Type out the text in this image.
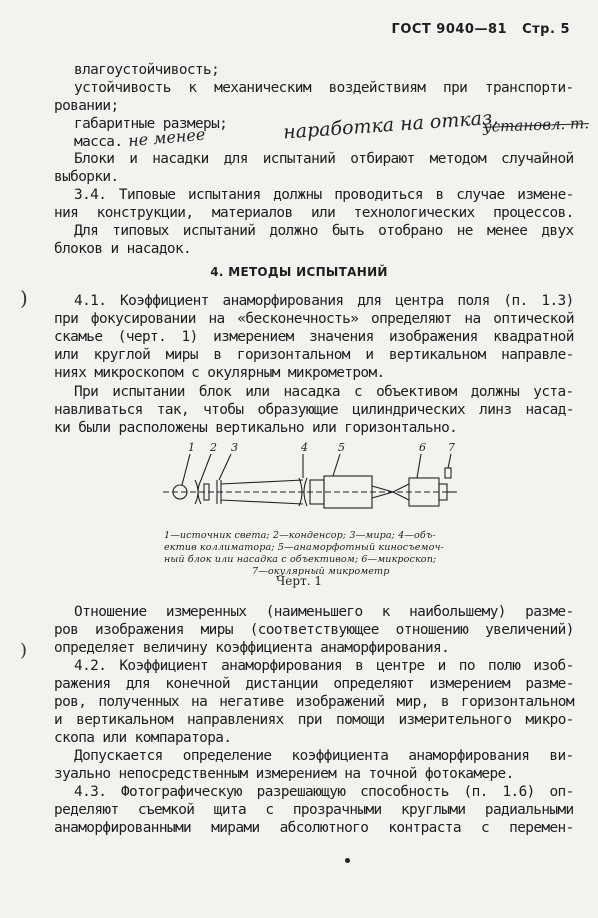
ГОСТ 9040—81 Стр. 5
влагоустойчивость;
устойчивость к механическим воздействиям при транспорти-
ровании;
габаритные размеры;
масса. не менее	наработка на отказ,
установл. т.
Блоки и насадки для испытаний отбирают методом случайной
выборки.
3.4. Типовые испытания должны проводиться в случае измене-
ния конструкции, материалов или технологических процессов.
Для типовых испытаний должно быть отобрано не менее двух
блоков и насадок.
4. МЕТОДЫ ИСПЫТАНИЙ
)	4.1. Коэффициент анаморфирования для центра поля (п. 1.3)
при фокусировании на «бесконечность» определяют на оптической
скамье (черт. 1) измерением значения изображения квадратной
или круглой миры в горизонтальном и вертикальном направле-
ниях микроскопом с окулярным микрометром.
При испытании блок или насадка с объективом должны уста-
навливаться так, чтобы образующие цилиндрических линз насад-
ки были расположены вертикально или горизонтально.
1 2 3	4	5	6 7
1—источник света; 2—конденсор; 3—мира; 4—объ-
ектив коллиматора; 5—анаморфотный киносъемоч-
ный блок или насадка с объективом; 6—микроскоп;
7—окулярный микрометр
Черт. 1
)
Отношение измеренных (наименьшего к наибольшему) разме-
ров изображения миры (соответствующее отношению увеличений)
определяет величину коэффициента анаморфирования.
4.2. Коэффициент анаморфирования в центре и по полю изоб-
ражения для конечной дистанции определяют измерением разме-
ров, полученных на негативе изображений мир, в горизонтальном
и вертикальном направлениях при помощи измерительного микро-
скопа или компаратора.
Допускается определение коэффициента анаморфирования ви-
зуально непосредственным измерением на точной фотокамере.
4.3. Фотографическую разрешающую способность (п. 1.6) оп-
ределяют съемкой щита с прозрачными круглыми радиальными
анаморфированными мирами абсолютного контраста с перемен-
